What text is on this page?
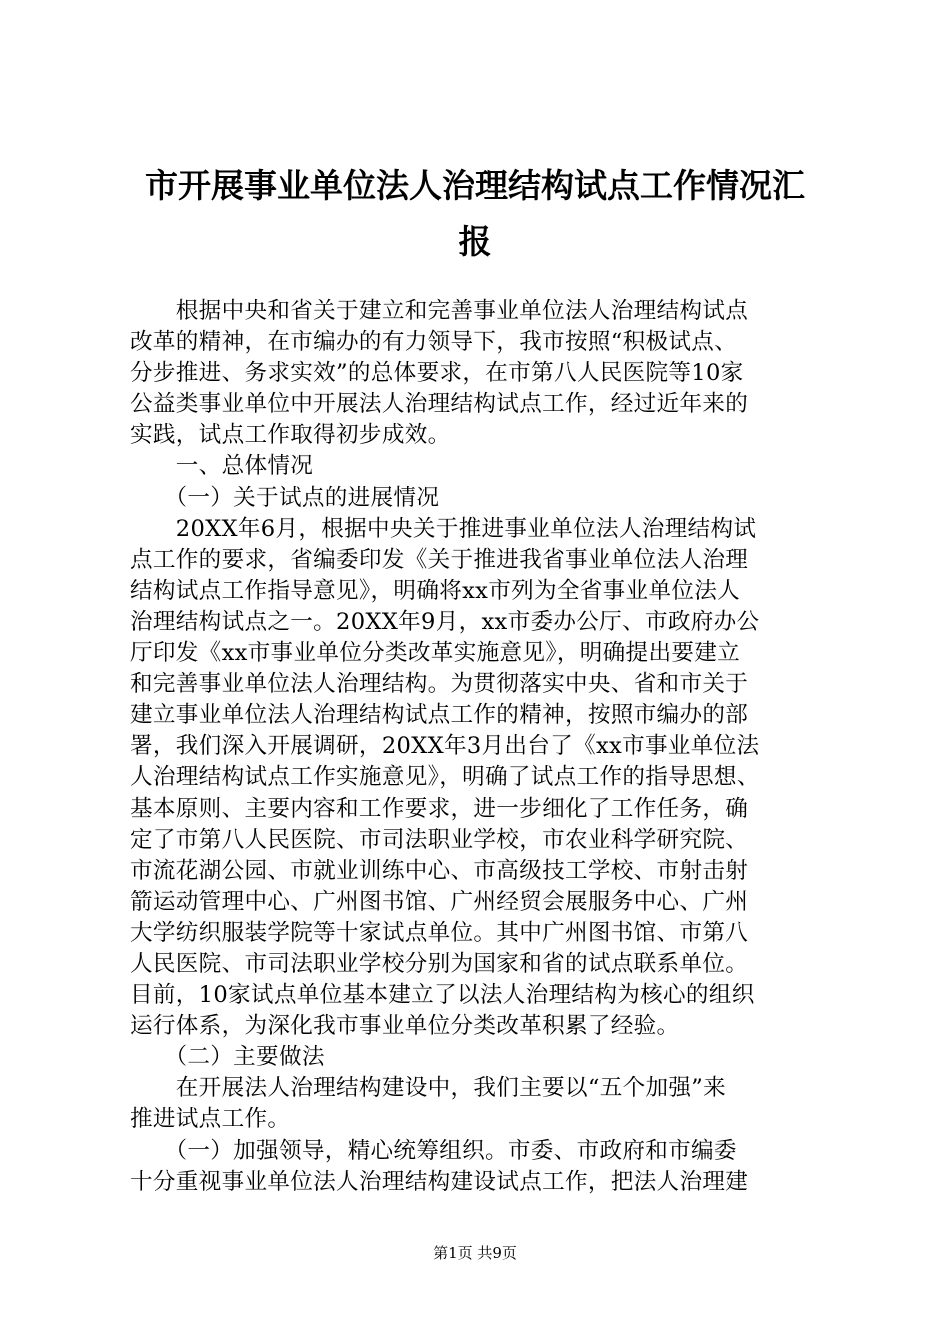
市开展事业单位法人治理结构试点工作情况汇
报
　　根据中央和省关于建立和完善事业单位法人治理结构试点
改革的精神，在市编办的有力领导下，我市按照“积极试点、
分步推进、务求实效”的总体要求，在市第八人民医院等10家
公益类事业单位中开展法人治理结构试点工作，经过近年来的
实践，试点工作取得初步成效。
　　一、总体情况
　　（一）关于试点的进展情况
　　20XX年6月，根据中央关于推进事业单位法人治理结构试
点工作的要求，省编委印发《关于推进我省事业单位法人治理
结构试点工作指导意见》，明确将xx市列为全省事业单位法人
治理结构试点之一。20XX年9月，xx市委办公厅、市政府办公
厅印发《xx市事业单位分类改革实施意见》，明确提出要建立
和完善事业单位法人治理结构。为贯彻落实中央、省和市关于
建立事业单位法人治理结构试点工作的精神，按照市编办的部
署，我们深入开展调研，20XX年3月出台了《xx市事业单位法
人治理结构试点工作实施意见》，明确了试点工作的指导思想、
基本原则、主要内容和工作要求，进一步细化了工作任务，确
定了市第八人民医院、市司法职业学校，市农业科学研究院、
市流花湖公园、市就业训练中心、市高级技工学校、市射击射
箭运动管理中心、广州图书馆、广州经贸会展服务中心、广州
大学纺织服装学院等十家试点单位。其中广州图书馆、市第八
人民医院、市司法职业学校分别为国家和省的试点联系单位。
目前，10家试点单位基本建立了以法人治理结构为核心的组织
运行体系，为深化我市事业单位分类改革积累了经验。
　　（二）主要做法
　　在开展法人治理结构建设中，我们主要以“五个加强”来
推进试点工作。
　　（一）加强领导，精心统筹组织。市委、市政府和市编委
十分重视事业单位法人治理结构建设试点工作，把法人治理建
第1页 共9页
